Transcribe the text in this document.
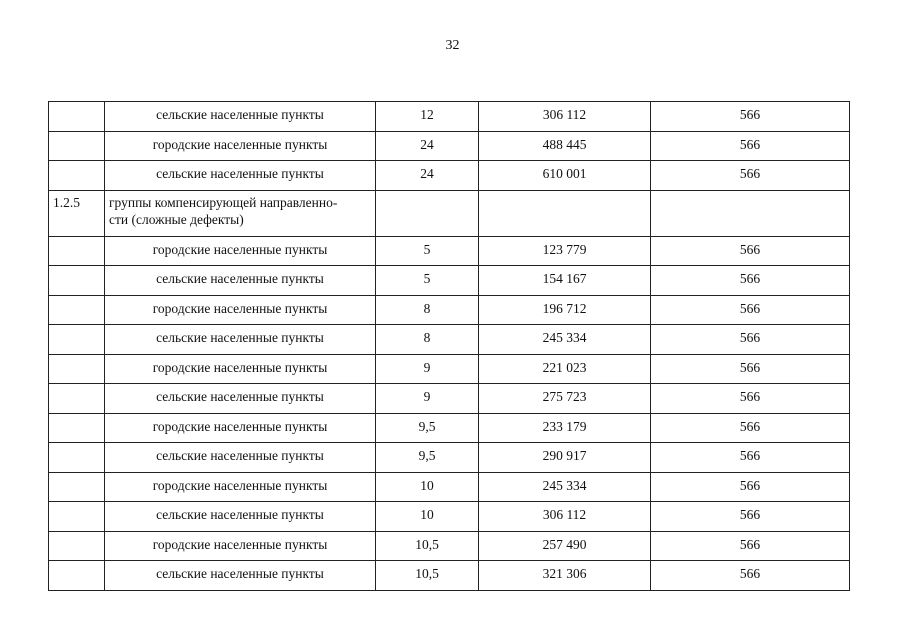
32
	сельские населенные пункты	12	306 112	566
	городские населенные пункты	24	488 445	566
	сельские населенные пункты	24	610 001	566
1.2.5	группы компенсирующей направленно-
сти (сложные дефекты)			
	городские населенные пункты	5	123 779	566
	сельские населенные пункты	5	154 167	566
	городские населенные пункты	8	196 712	566
	сельские населенные пункты	8	245 334	566
	городские населенные пункты	9	221 023	566
	сельские населенные пункты	9	275 723	566
	городские населенные пункты	9,5	233 179	566
	сельские населенные пункты	9,5	290 917	566
	городские населенные пункты	10	245 334	566
	сельские населенные пункты	10	306 112	566
	городские населенные пункты	10,5	257 490	566
	сельские населенные пункты	10,5	321 306	566
